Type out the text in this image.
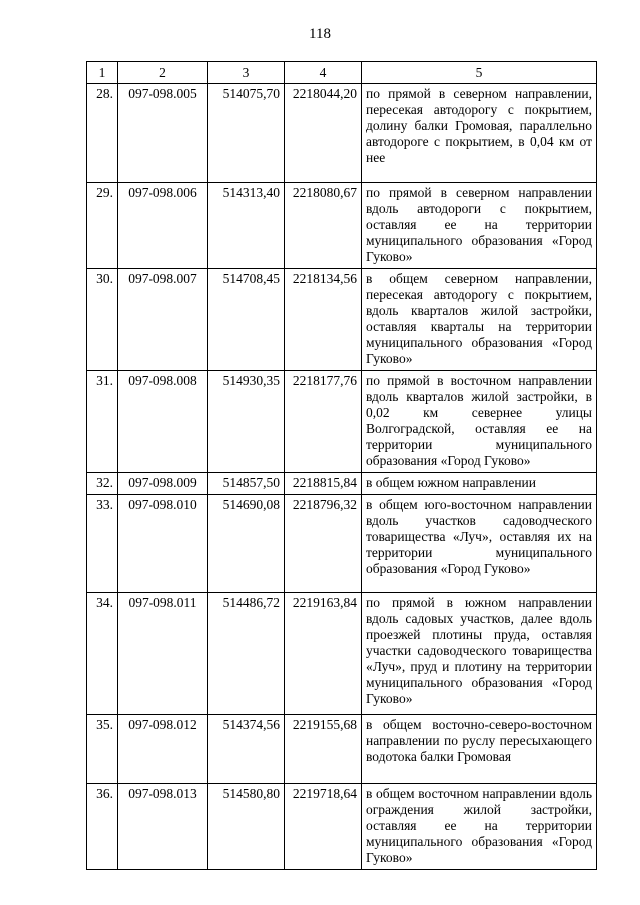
118
1	2	3	4	5
28.	097-098.005	514075,70	2218044,20	по прямой в северном направлении, пересекая автодорогу с покрытием, долину балки Громовая, параллельно автодороге с покрытием, в 0,04 км от нее
29.	097-098.006	514313,40	2218080,67	по прямой в северном направлении вдоль автодороги с покрытием, оставляя ее на территории муниципального образования «Город Гуково»
30.	097-098.007	514708,45	2218134,56	в общем северном направлении, пересекая автодорогу с покрытием, вдоль кварталов жилой застройки, оставляя кварталы на территории муниципального образования «Город Гуково»
31.	097-098.008	514930,35	2218177,76	по прямой в восточном направлении вдоль кварталов жилой застройки, в 0,02 км севернее улицы Волгоградской, оставляя ее на территории муниципального образования «Город Гуково»
32.	097-098.009	514857,50	2218815,84	в общем южном направлении
33.	097-098.010	514690,08	2218796,32	в общем юго-восточном направлении вдоль участков садоводческого товарищества «Луч», оставляя их на территории муниципального образования «Город Гуково»
34.	097-098.011	514486,72	2219163,84	по прямой в южном направлении вдоль садовых участков, далее вдоль проезжей плотины пруда, оставляя участки садоводческого товарищества «Луч», пруд и плотину на территории муниципального образования «Город Гуково»
35.	097-098.012	514374,56	2219155,68	в общем восточно-северо-восточном направлении по руслу пересыхающего водотока балки Громовая
36.	097-098.013	514580,80	2219718,64	в общем восточном направлении вдоль ограждения жилой застройки, оставляя ее на территории муниципального образования «Город Гуково»
